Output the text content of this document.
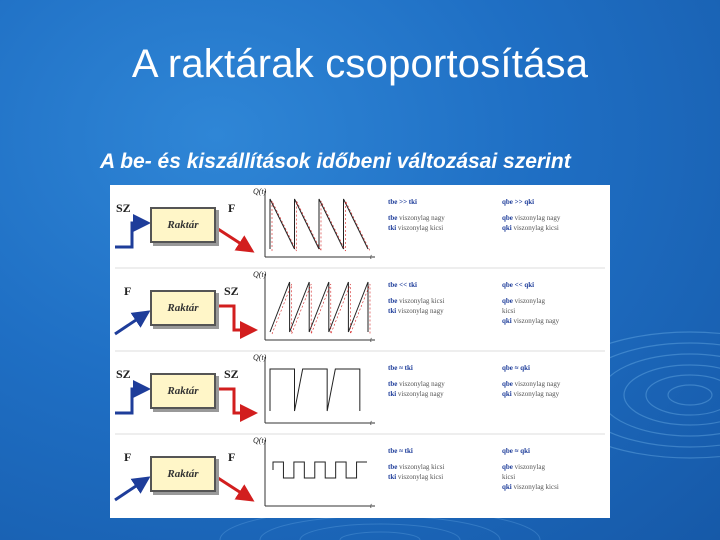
A raktárak csoportosítása
A be- és kiszállítások időbeni változásai szerint
SZ	F
Raktár
Q(t)
t
tbe >> tki
tbe viszonylag nagy
tki viszonylag kicsi
qbe >> qki
qbe viszonylag nagy
qki viszonylag kicsi
F	SZ
Raktár
Q(t)
t
tbe << tki
tbe viszonylag kicsi
tki viszonylag nagy
qbe << qki
qbe viszonylag
kicsi
qki viszonylag nagy
SZ	SZ
Raktár
Q(t)
t
tbe ≈ tki
tbe viszonylag nagy
tki viszonylag nagy
qbe ≈ qki
qbe viszonylag nagy
qki viszonylag nagy
F	F
Raktár
Q(t)
t
tbe ≈ tki
tbe viszonylag kicsi
tki viszonylag kicsi
qbe ≈ qki
qbe viszonylag
kicsi
qki viszonylag kicsi
